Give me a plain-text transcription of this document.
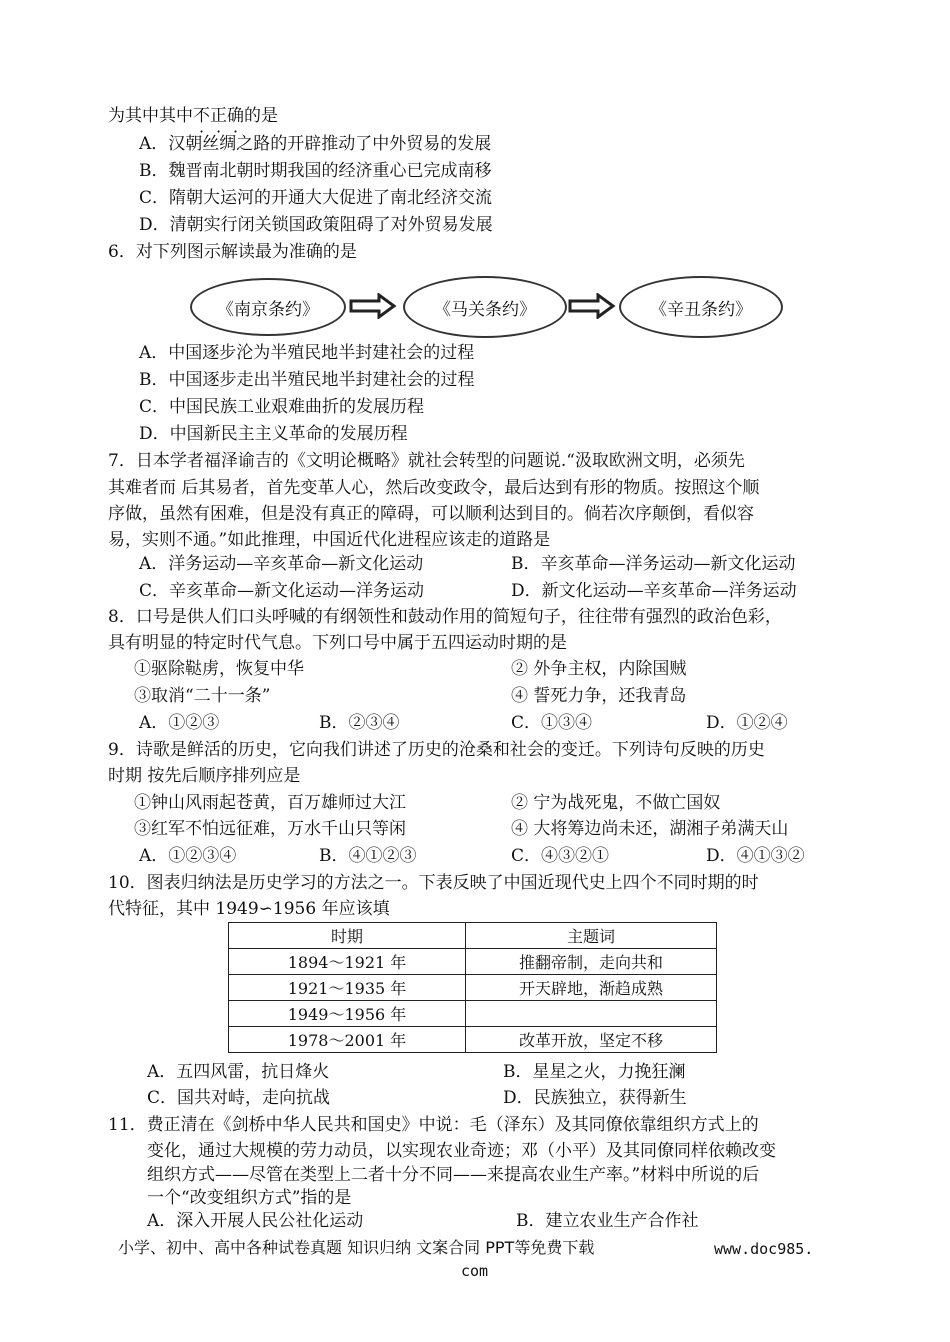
为其中其中不正确的是
A．汉朝丝绸之路的开辟推动了中外贸易的发展
B．魏晋南北朝时期我国的经济重心已完成南移
C．隋朝大运河的开通大大促进了南北经济交流
D．清朝实行闭关锁国政策阻碍了对外贸易发展
6．对下列图示解读最为准确的是
《南京条约》	《马关条约》	《辛丑条约》
A．中国逐步沦为半殖民地半封建社会的过程
B．中国逐步走出半殖民地半封建社会的过程
C．中国民族工业艰难曲折的发展历程
D．中国新民主主义革命的发展历程
7．日本学者福泽谕吉的《文明论概略》就社会转型的问题说.“汲取欧洲文明，必须先
其难者而 后其易者，首先变革人心，然后改变政令，最后达到有形的物质。按照这个顺
序做，虽然有困难，但是没有真正的障碍，可以顺利达到目的。倘若次序颠倒，看似容
易，实则不通。”如此推理，中国近代化进程应该走的道路是
A．洋务运动—辛亥革命—新文化运动	B．辛亥革命—洋务运动—新文化运动
C．辛亥革命—新文化运动—洋务运动	D．新文化运动—辛亥革命—洋务运动
8．口号是供人们口头呼喊的有纲领性和鼓动作用的简短句子，往往带有强烈的政治色彩，
具有明显的特定时代气息。下列口号中属于五四运动时期的是
①驱除鞑虏，恢复中华	② 外争主权，内除国贼
③取消“二十一条”	④ 誓死力争，还我青岛
A．①②③	B．②③④	C．①③④	D．①②④
9．诗歌是鲜活的历史，它向我们讲述了历史的沧桑和社会的变迁。下列诗句反映的历史
时期 按先后顺序排列应是
①钟山风雨起苍黄，百万雄师过大江	② 宁为战死鬼，不做亡国奴
③红军不怕远征难，万水千山只等闲	④ 大将筹边尚未还，湖湘子弟满天山
A．①②③④	B．④①②③	C．④③②①	D．④①③②
10．图表归纳法是历史学习的方法之一。下表反映了中国近现代史上四个不同时期的时
代特征，其中 1949∽1956 年应该填
时期	主题词
1894～1921 年	推翻帝制，走向共和
1921～1935 年	开天辟地，渐趋成熟
1949～1956 年	
1978～2001 年	改革开放，坚定不移
A．五四风雷，抗日烽火	B．星星之火，力挽狂澜
C．国共对峙，走向抗战	D．民族独立，获得新生
11．费正清在《剑桥中华人民共和国史》中说：毛（泽东）及其同僚依靠组织方式上的
变化，通过大规模的劳力动员，以实现农业奇迹；邓（小平）及其同僚同样依赖改变
组织方式——尽管在类型上二者十分不同——来提高农业生产率。”材料中所说的后
一个“改变组织方式”指的是
A．深入开展人民公社化运动	B．建立农业生产合作社
小学、初中、高中各种试卷真题 知识归纳 文案合同 PPT等免费下载	www.doc985.
com
